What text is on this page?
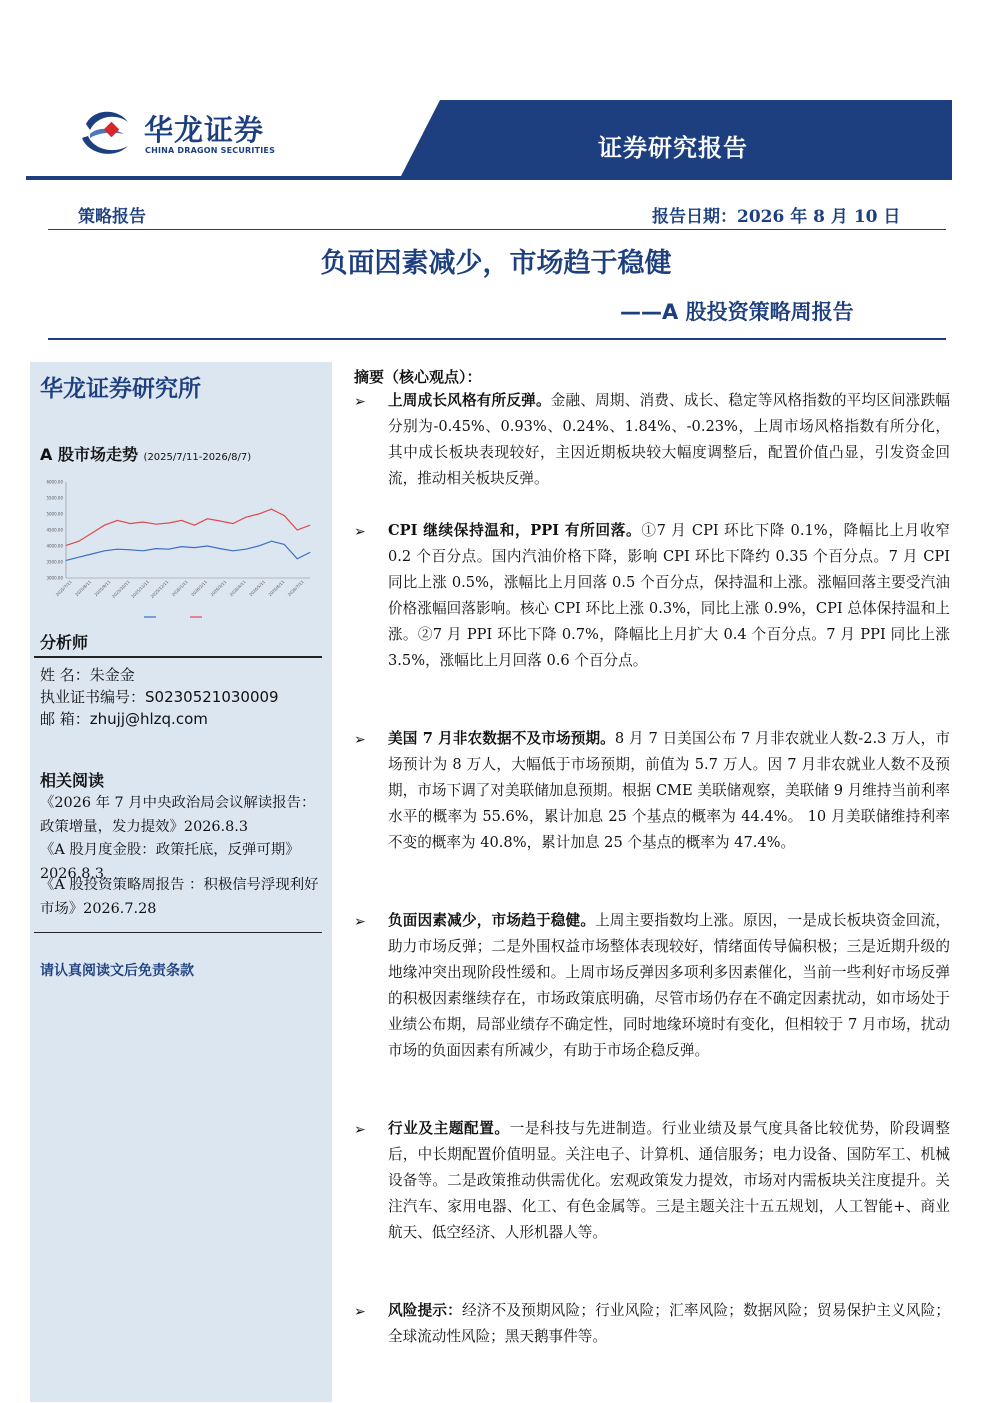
华龙证券
CHINA DRAGON SECURITIES	证券研究报告
策略报告	报告日期：2026 年 8 月 10 日
负面因素减少，市场趋于稳健
——A 股投资策略周报告
华龙证券研究所
A 股市场走势 (2025/7/11-2026/8/7)
3000.00
3500.00
4000.00
4500.00
5000.00
5500.00
6000.00
2025/7/11 2025/8/11 2025/9/11 2025/10/11 2025/11/11 2025/12/11 2026/1/11 2026/2/11 2026/3/11 2026/4/11 2026/5/11 2026/6/11 2026/7/11
分析师
姓 名：朱金金
执业证书编号：S0230521030009
邮 箱：zhujj@hlzq.com
相关阅读
《2026 年 7 月中央政治局会议解读报告：政策增量，发力提效》2026.8.3
《A 股月度金股：政策托底，反弹可期》2026.8.3
《A 股投资策略周报告 ：积极信号浮现利好市场》2026.7.28
请认真阅读文后免责条款
摘要（核心观点）：
➢ 上周成长风格有所反弹。金融、周期、消费、成长、稳定等风格指数的平均区间涨跌幅分别为-0.45%、0.93%、0.24%、1.84%、-0.23%，上周市场风格指数有所分化，其中成长板块表现较好，主因近期板块较大幅度调整后，配置价值凸显，引发资金回流，推动相关板块反弹。
➢ CPI 继续保持温和，PPI 有所回落。①7 月 CPI 环比下降 0.1%，降幅比上月收窄 0.2 个百分点。国内汽油价格下降，影响 CPI 环比下降约 0.35 个百分点。7 月 CPI 同比上涨 0.5%，涨幅比上月回落 0.5 个百分点，保持温和上涨。涨幅回落主要受汽油价格涨幅回落影响。核心 CPI 环比上涨 0.3%，同比上涨 0.9%，CPI 总体保持温和上涨。②7 月 PPI 环比下降 0.7%，降幅比上月扩大 0.4 个百分点。7 月 PPI 同比上涨 3.5%，涨幅比上月回落 0.6 个百分点。
➢ 美国 7 月非农数据不及市场预期。8 月 7 日美国公布 7 月非农就业人数-2.3 万人，市场预计为 8 万人，大幅低于市场预期，前值为 5.7 万人。因 7 月非农就业人数不及预期，市场下调了对美联储加息预期。根据 CME 美联储观察，美联储 9 月维持当前利率水平的概率为 55.6%，累计加息 25 个基点的概率为 44.4%。 10 月美联储维持利率不变的概率为 40.8%，累计加息 25 个基点的概率为 47.4%。
➢ 负面因素减少，市场趋于稳健。上周主要指数均上涨。原因，一是成长板块资金回流，助力市场反弹；二是外围权益市场整体表现较好，情绪面传导偏积极；三是近期升级的地缘冲突出现阶段性缓和。上周市场反弹因多项利多因素催化，当前一些利好市场反弹的积极因素继续存在，市场政策底明确，尽管市场仍存在不确定因素扰动，如市场处于业绩公布期，局部业绩存不确定性，同时地缘环境时有变化，但相较于 7 月市场，扰动市场的负面因素有所减少，有助于市场企稳反弹。
➢ 行业及主题配置。一是科技与先进制造。行业业绩及景气度具备比较优势，阶段调整后，中长期配置价值明显。关注电子、计算机、通信服务；电力设备、国防军工、机械设备等。二是政策推动供需优化。宏观政策发力提效，市场对内需板块关注度提升。关注汽车、家用电器、化工、有色金属等。三是主题关注十五五规划，人工智能+、商业航天、低空经济、人形机器人等。
➢ 风险提示：经济不及预期风险；行业风险；汇率风险；数据风险；贸易保护主义风险；全球流动性风险；黑天鹅事件等。
